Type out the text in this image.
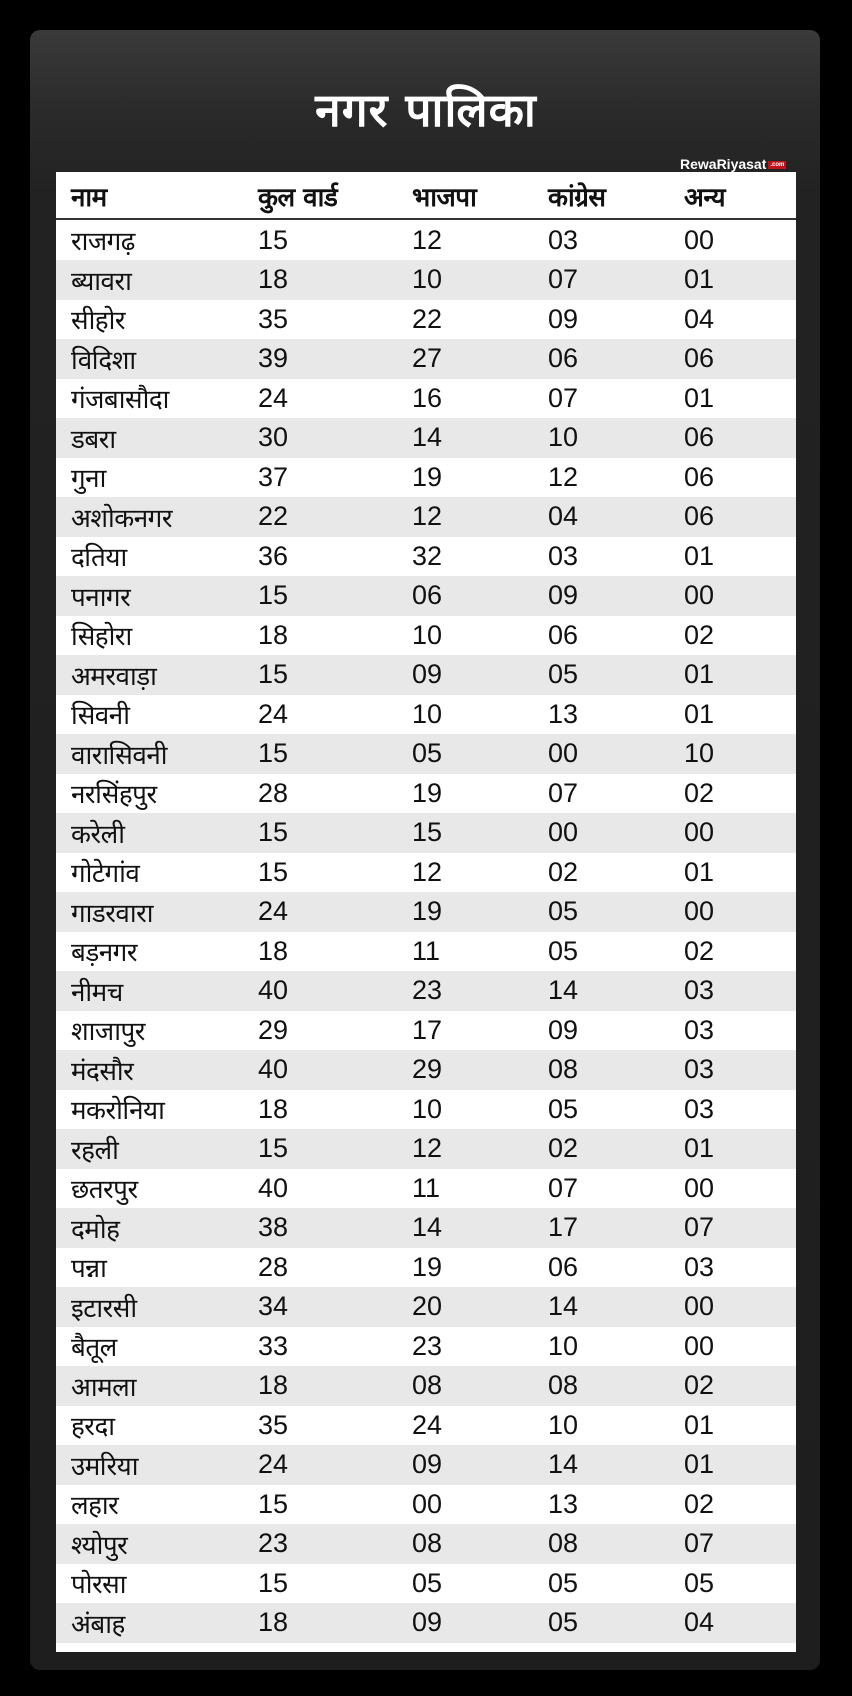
नगर पालिका
RewaRiyasat .com
नाम	कुल वार्ड	भाजपा	कांग्रेस	अन्य
राजगढ़	15	12	03	00
ब्यावरा	18	10	07	01
सीहोर	35	22	09	04
विदिशा	39	27	06	06
गंजबासौदा	24	16	07	01
डबरा	30	14	10	06
गुना	37	19	12	06
अशोकनगर	22	12	04	06
दतिया	36	32	03	01
पनागर	15	06	09	00
सिहोरा	18	10	06	02
अमरवाड़ा	15	09	05	01
सिवनी	24	10	13	01
वारासिवनी	15	05	00	10
नरसिंहपुर	28	19	07	02
करेली	15	15	00	00
गोटेगांव	15	12	02	01
गाडरवारा	24	19	05	00
बड़नगर	18	11	05	02
नीमच	40	23	14	03
शाजापुर	29	17	09	03
मंदसौर	40	29	08	03
मकरोनिया	18	10	05	03
रहली	15	12	02	01
छतरपुर	40	11	07	00
दमोह	38	14	17	07
पन्ना	28	19	06	03
इटारसी	34	20	14	00
बैतूल	33	23	10	00
आमला	18	08	08	02
हरदा	35	24	10	01
उमरिया	24	09	14	01
लहार	15	00	13	02
श्योपुर	23	08	08	07
पोरसा	15	05	05	05
अंबाह	18	09	05	04
